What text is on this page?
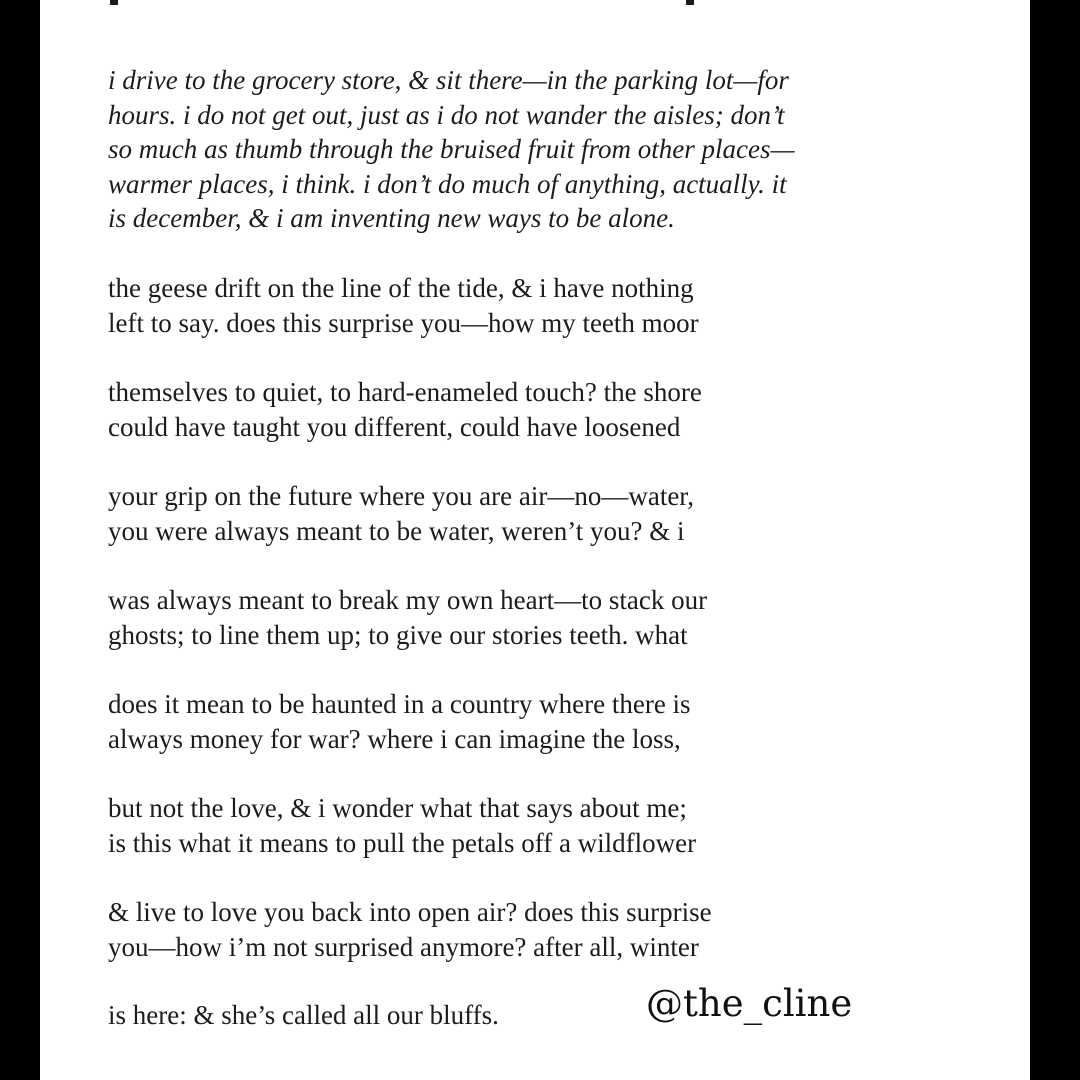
i drive to the grocery store, & sit there—in the parking lot—for
hours. i do not get out, just as i do not wander the aisles; don’t
so much as thumb through the bruised fruit from other places—
warmer places, i think. i don’t do much of anything, actually. it
is december, & i am inventing new ways to be alone.
the geese drift on the line of the tide, & i have nothing
left to say. does this surprise you—how my teeth moor
themselves to quiet, to hard-enameled touch? the shore
could have taught you different, could have loosened
your grip on the future where you are air—no—water,
you were always meant to be water, weren’t you? & i
was always meant to break my own heart—to stack our
ghosts; to line them up; to give our stories teeth. what
does it mean to be haunted in a country where there is
always money for war? where i can imagine the loss,
but not the love, & i wonder what that says about me;
is this what it means to pull the petals off a wildflower
& live to love you back into open air? does this surprise
you—how i’m not surprised anymore? after all, winter
is here: & she’s called all our bluffs.	@the_cline
